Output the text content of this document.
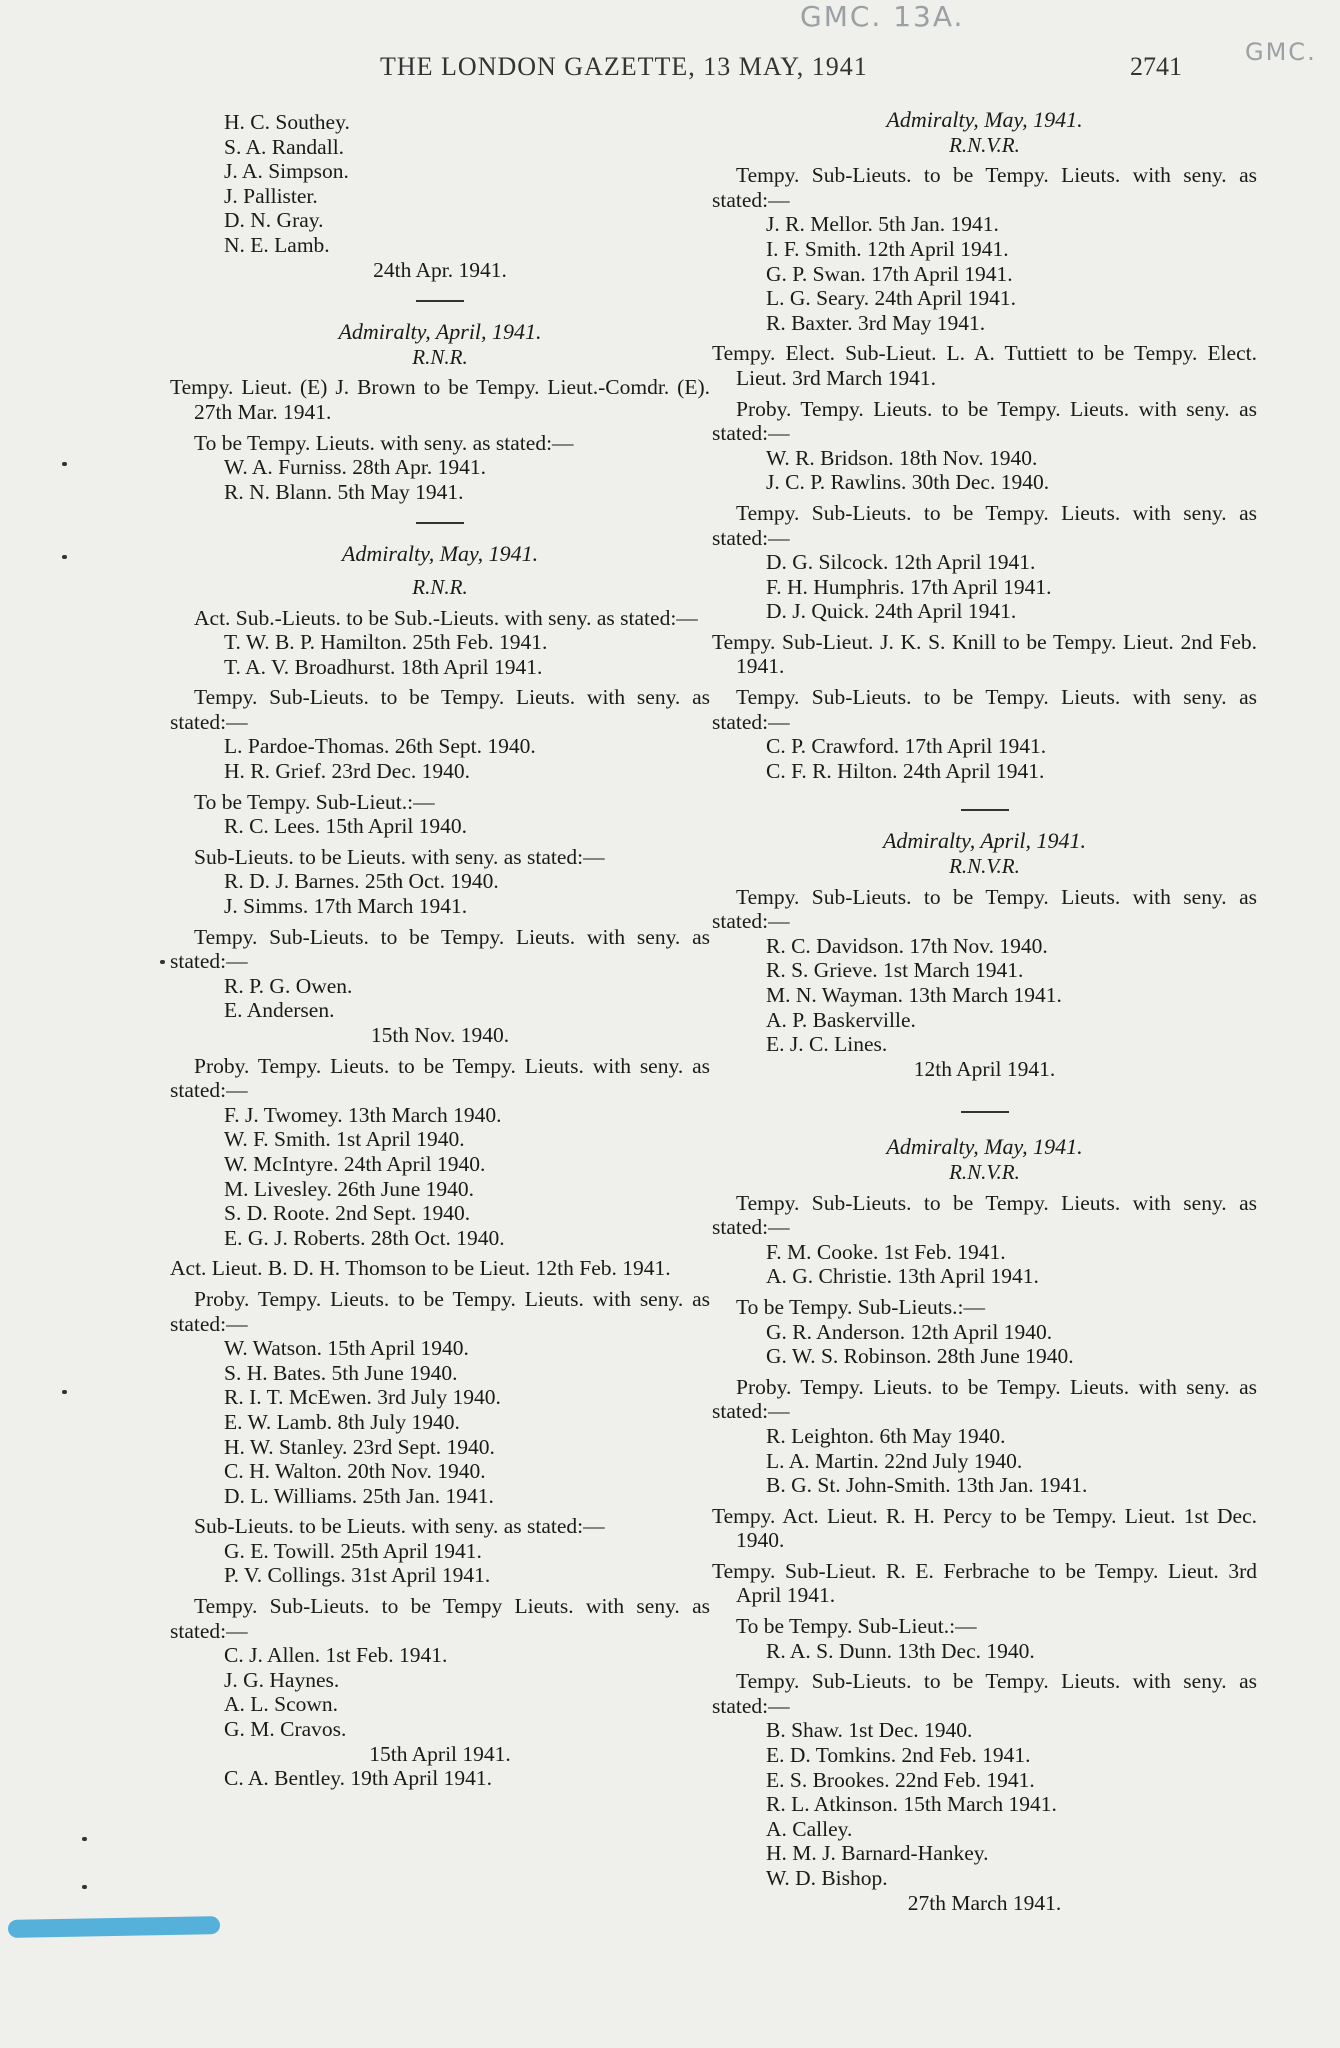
GMC. 13A.
GMC.
THE LONDON GAZETTE, 13 MAY, 1941	2741
H. C. Southey.
S. A. Randall.
J. A. Simpson.
J. Pallister.
D. N. Gray.
N. E. Lamb.
24th Apr. 1941.
Admiralty, April, 1941.
R.N.R.
Tempy. Lieut. (E) J. Brown to be Tempy. Lieut.-Comdr. (E). 27th Mar. 1941.
To be Tempy. Lieuts. with seny. as stated:—
W. A. Furniss. 28th Apr. 1941.
R. N. Blann. 5th May 1941.
Admiralty, May, 1941.
R.N.R.
Act. Sub.-Lieuts. to be Sub.-Lieuts. with seny. as stated:—
T. W. B. P. Hamilton. 25th Feb. 1941.
T. A. V. Broadhurst. 18th April 1941.
Tempy. Sub-Lieuts. to be Tempy. Lieuts. with seny. as stated:—
L. Pardoe-Thomas. 26th Sept. 1940.
H. R. Grief. 23rd Dec. 1940.
To be Tempy. Sub-Lieut.:—
R. C. Lees. 15th April 1940.
Sub-Lieuts. to be Lieuts. with seny. as stated:—
R. D. J. Barnes. 25th Oct. 1940.
J. Simms. 17th March 1941.
Tempy. Sub-Lieuts. to be Tempy. Lieuts. with seny. as stated:—
R. P. G. Owen.
E. Andersen.
15th Nov. 1940.
Proby. Tempy. Lieuts. to be Tempy. Lieuts. with seny. as stated:—
F. J. Twomey. 13th March 1940.
W. F. Smith. 1st April 1940.
W. McIntyre. 24th April 1940.
M. Livesley. 26th June 1940.
S. D. Roote. 2nd Sept. 1940.
E. G. J. Roberts. 28th Oct. 1940.
Act. Lieut. B. D. H. Thomson to be Lieut. 12th Feb. 1941.
Proby. Tempy. Lieuts. to be Tempy. Lieuts. with seny. as stated:—
W. Watson. 15th April 1940.
S. H. Bates. 5th June 1940.
R. I. T. McEwen. 3rd July 1940.
E. W. Lamb. 8th July 1940.
H. W. Stanley. 23rd Sept. 1940.
C. H. Walton. 20th Nov. 1940.
D. L. Williams. 25th Jan. 1941.
Sub-Lieuts. to be Lieuts. with seny. as stated:—
G. E. Towill. 25th April 1941.
P. V. Collings. 31st April 1941.
Tempy. Sub-Lieuts. to be Tempy Lieuts. with seny. as stated:—
C. J. Allen. 1st Feb. 1941.
J. G. Haynes.
A. L. Scown.
G. M. Cravos.
15th April 1941.
C. A. Bentley. 19th April 1941.
Admiralty, May, 1941.
R.N.V.R.
Tempy. Sub-Lieuts. to be Tempy. Lieuts. with seny. as stated:—
J. R. Mellor. 5th Jan. 1941.
I. F. Smith. 12th April 1941.
G. P. Swan. 17th April 1941.
L. G. Seary. 24th April 1941.
R. Baxter. 3rd May 1941.
Tempy. Elect. Sub-Lieut. L. A. Tuttiett to be Tempy. Elect. Lieut. 3rd March 1941.
Proby. Tempy. Lieuts. to be Tempy. Lieuts. with seny. as stated:—
W. R. Bridson. 18th Nov. 1940.
J. C. P. Rawlins. 30th Dec. 1940.
Tempy. Sub-Lieuts. to be Tempy. Lieuts. with seny. as stated:—
D. G. Silcock. 12th April 1941.
F. H. Humphris. 17th April 1941.
D. J. Quick. 24th April 1941.
Tempy. Sub-Lieut. J. K. S. Knill to be Tempy. Lieut. 2nd Feb. 1941.
Tempy. Sub-Lieuts. to be Tempy. Lieuts. with seny. as stated:—
C. P. Crawford. 17th April 1941.
C. F. R. Hilton. 24th April 1941.
Admiralty, April, 1941.
R.N.V.R.
Tempy. Sub-Lieuts. to be Tempy. Lieuts. with seny. as stated:—
R. C. Davidson. 17th Nov. 1940.
R. S. Grieve. 1st March 1941.
M. N. Wayman. 13th March 1941.
A. P. Baskerville.
E. J. C. Lines.
12th April 1941.
Admiralty, May, 1941.
R.N.V.R.
Tempy. Sub-Lieuts. to be Tempy. Lieuts. with seny. as stated:—
F. M. Cooke. 1st Feb. 1941.
A. G. Christie. 13th April 1941.
To be Tempy. Sub-Lieuts.:—
G. R. Anderson. 12th April 1940.
G. W. S. Robinson. 28th June 1940.
Proby. Tempy. Lieuts. to be Tempy. Lieuts. with seny. as stated:—
R. Leighton. 6th May 1940.
L. A. Martin. 22nd July 1940.
B. G. St. John-Smith. 13th Jan. 1941.
Tempy. Act. Lieut. R. H. Percy to be Tempy. Lieut. 1st Dec. 1940.
Tempy. Sub-Lieut. R. E. Ferbrache to be Tempy. Lieut. 3rd April 1941.
To be Tempy. Sub-Lieut.:—
R. A. S. Dunn. 13th Dec. 1940.
Tempy. Sub-Lieuts. to be Tempy. Lieuts. with seny. as stated:—
B. Shaw. 1st Dec. 1940.
E. D. Tomkins. 2nd Feb. 1941.
E. S. Brookes. 22nd Feb. 1941.
R. L. Atkinson. 15th March 1941.
A. Calley.
H. M. J. Barnard-Hankey.
W. D. Bishop.
27th March 1941.
